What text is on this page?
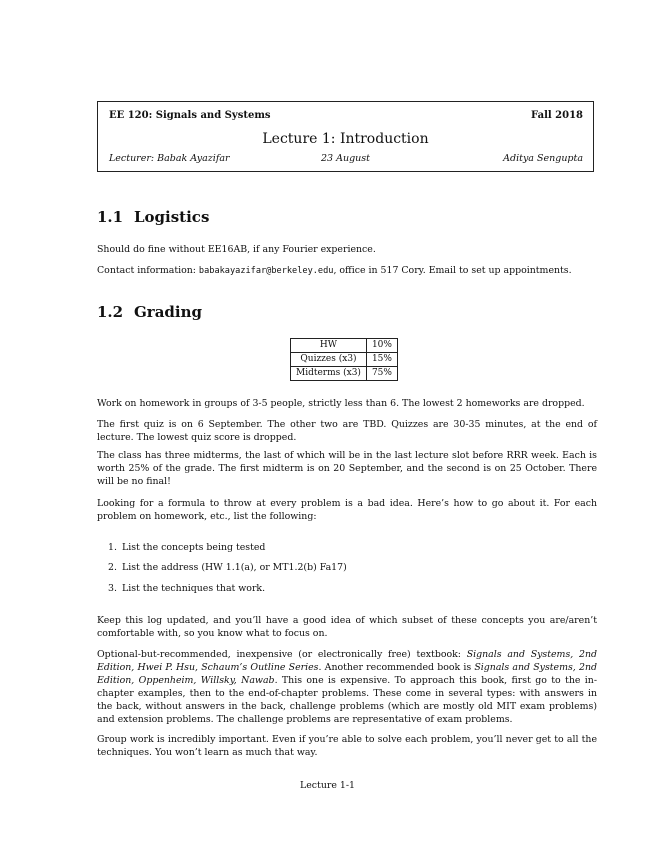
EE 120: Signals and Systems	Fall 2018
Lecture 1: Introduction
Lecturer: Babak Ayazifar	23 August	Aditya Sengupta
1.1 Logistics
Should do fine without EE16AB, if any Fourier experience.
Contact information: babakayazifar@berkeley.edu, office in 517 Cory. Email to set up appointments.
1.2 Grading
HW	10%
Quizzes (x3)	15%
Midterms (x3)	75%
Work on homework in groups of 3-5 people, strictly less than 6. The lowest 2 homeworks are dropped.
The first quiz is on 6 September. The other two are TBD. Quizzes are 30-35 minutes, at the end of lecture. The lowest quiz score is dropped.
The class has three midterms, the last of which will be in the last lecture slot before RRR week. Each is worth 25% of the grade. The first midterm is on 20 September, and the second is on 25 October. There will be no final!
Looking for a formula to throw at every problem is a bad idea. Here’s how to go about it. For each problem on homework, etc., list the following:
1. List the concepts being tested
2. List the address (HW 1.1(a), or MT1.2(b) Fa17)
3. List the techniques that work.
Keep this log updated, and you’ll have a good idea of which subset of these concepts you are/aren’t comfortable with, so you know what to focus on.
Optional-but-recommended, inexpensive (or electronically free) textbook: Signals and Systems, 2nd Edition, Hwei P. Hsu, Schaum’s Outline Series. Another recommended book is Signals and Systems, 2nd Edition, Oppenheim, Willsky, Nawab. This one is expensive. To approach this book, first go to the in-chapter examples, then to the end-of-chapter problems. These come in several types: with answers in the back, without answers in the back, challenge problems (which are mostly old MIT exam problems) and extension problems. The challenge problems are representative of exam problems.
Group work is incredibly important. Even if you’re able to solve each problem, you’ll never get to all the techniques. You won’t learn as much that way.
Lecture 1-1
